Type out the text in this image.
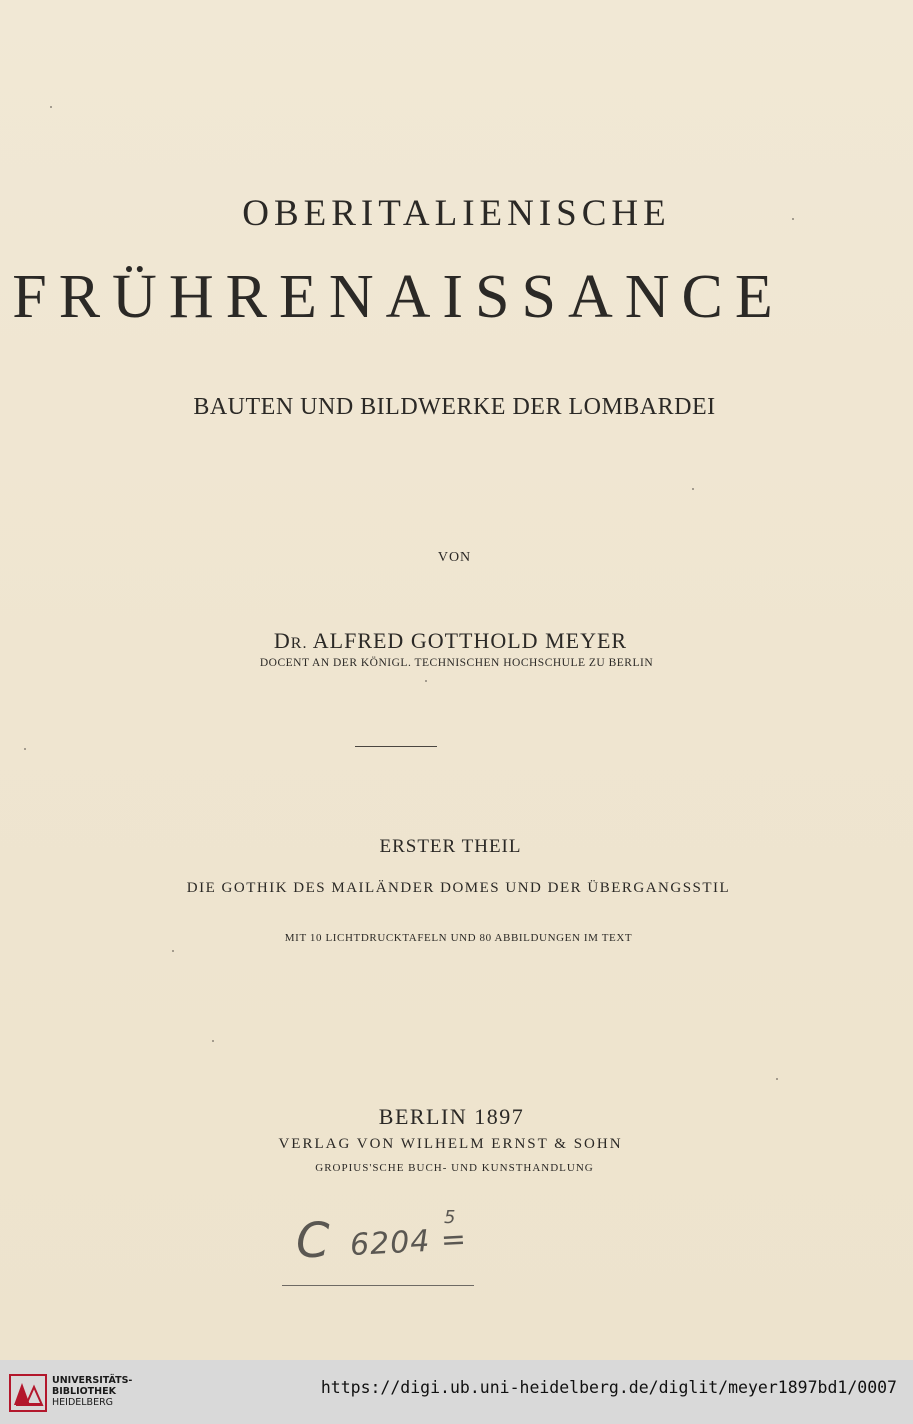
OBERITALIENISCHE
FRÜHRENAISSANCE
BAUTEN UND BILDWERKE DER LOMBARDEI
VON
DR. ALFRED GOTTHOLD MEYER
DOCENT AN DER KÖNIGL. TECHNISCHEN HOCHSCHULE ZU BERLIN
ERSTER THEIL
DIE GOTHIK DES MAILÄNDER DOMES UND DER ÜBERGANGSSTIL
MIT 10 LICHTDRUCKTAFELN UND 80 ABBILDUNGEN IM TEXT
BERLIN 1897
VERLAG VON WILHELM ERNST & SOHN
GROPIUS'SCHE BUCH- UND KUNSTHANDLUNG
C 6204 =
5
UNIVERSITÄTS-
BIBLIOTHEK
HEIDELBERG
https://digi.ub.uni-heidelberg.de/diglit/meyer1897bd1/0007
